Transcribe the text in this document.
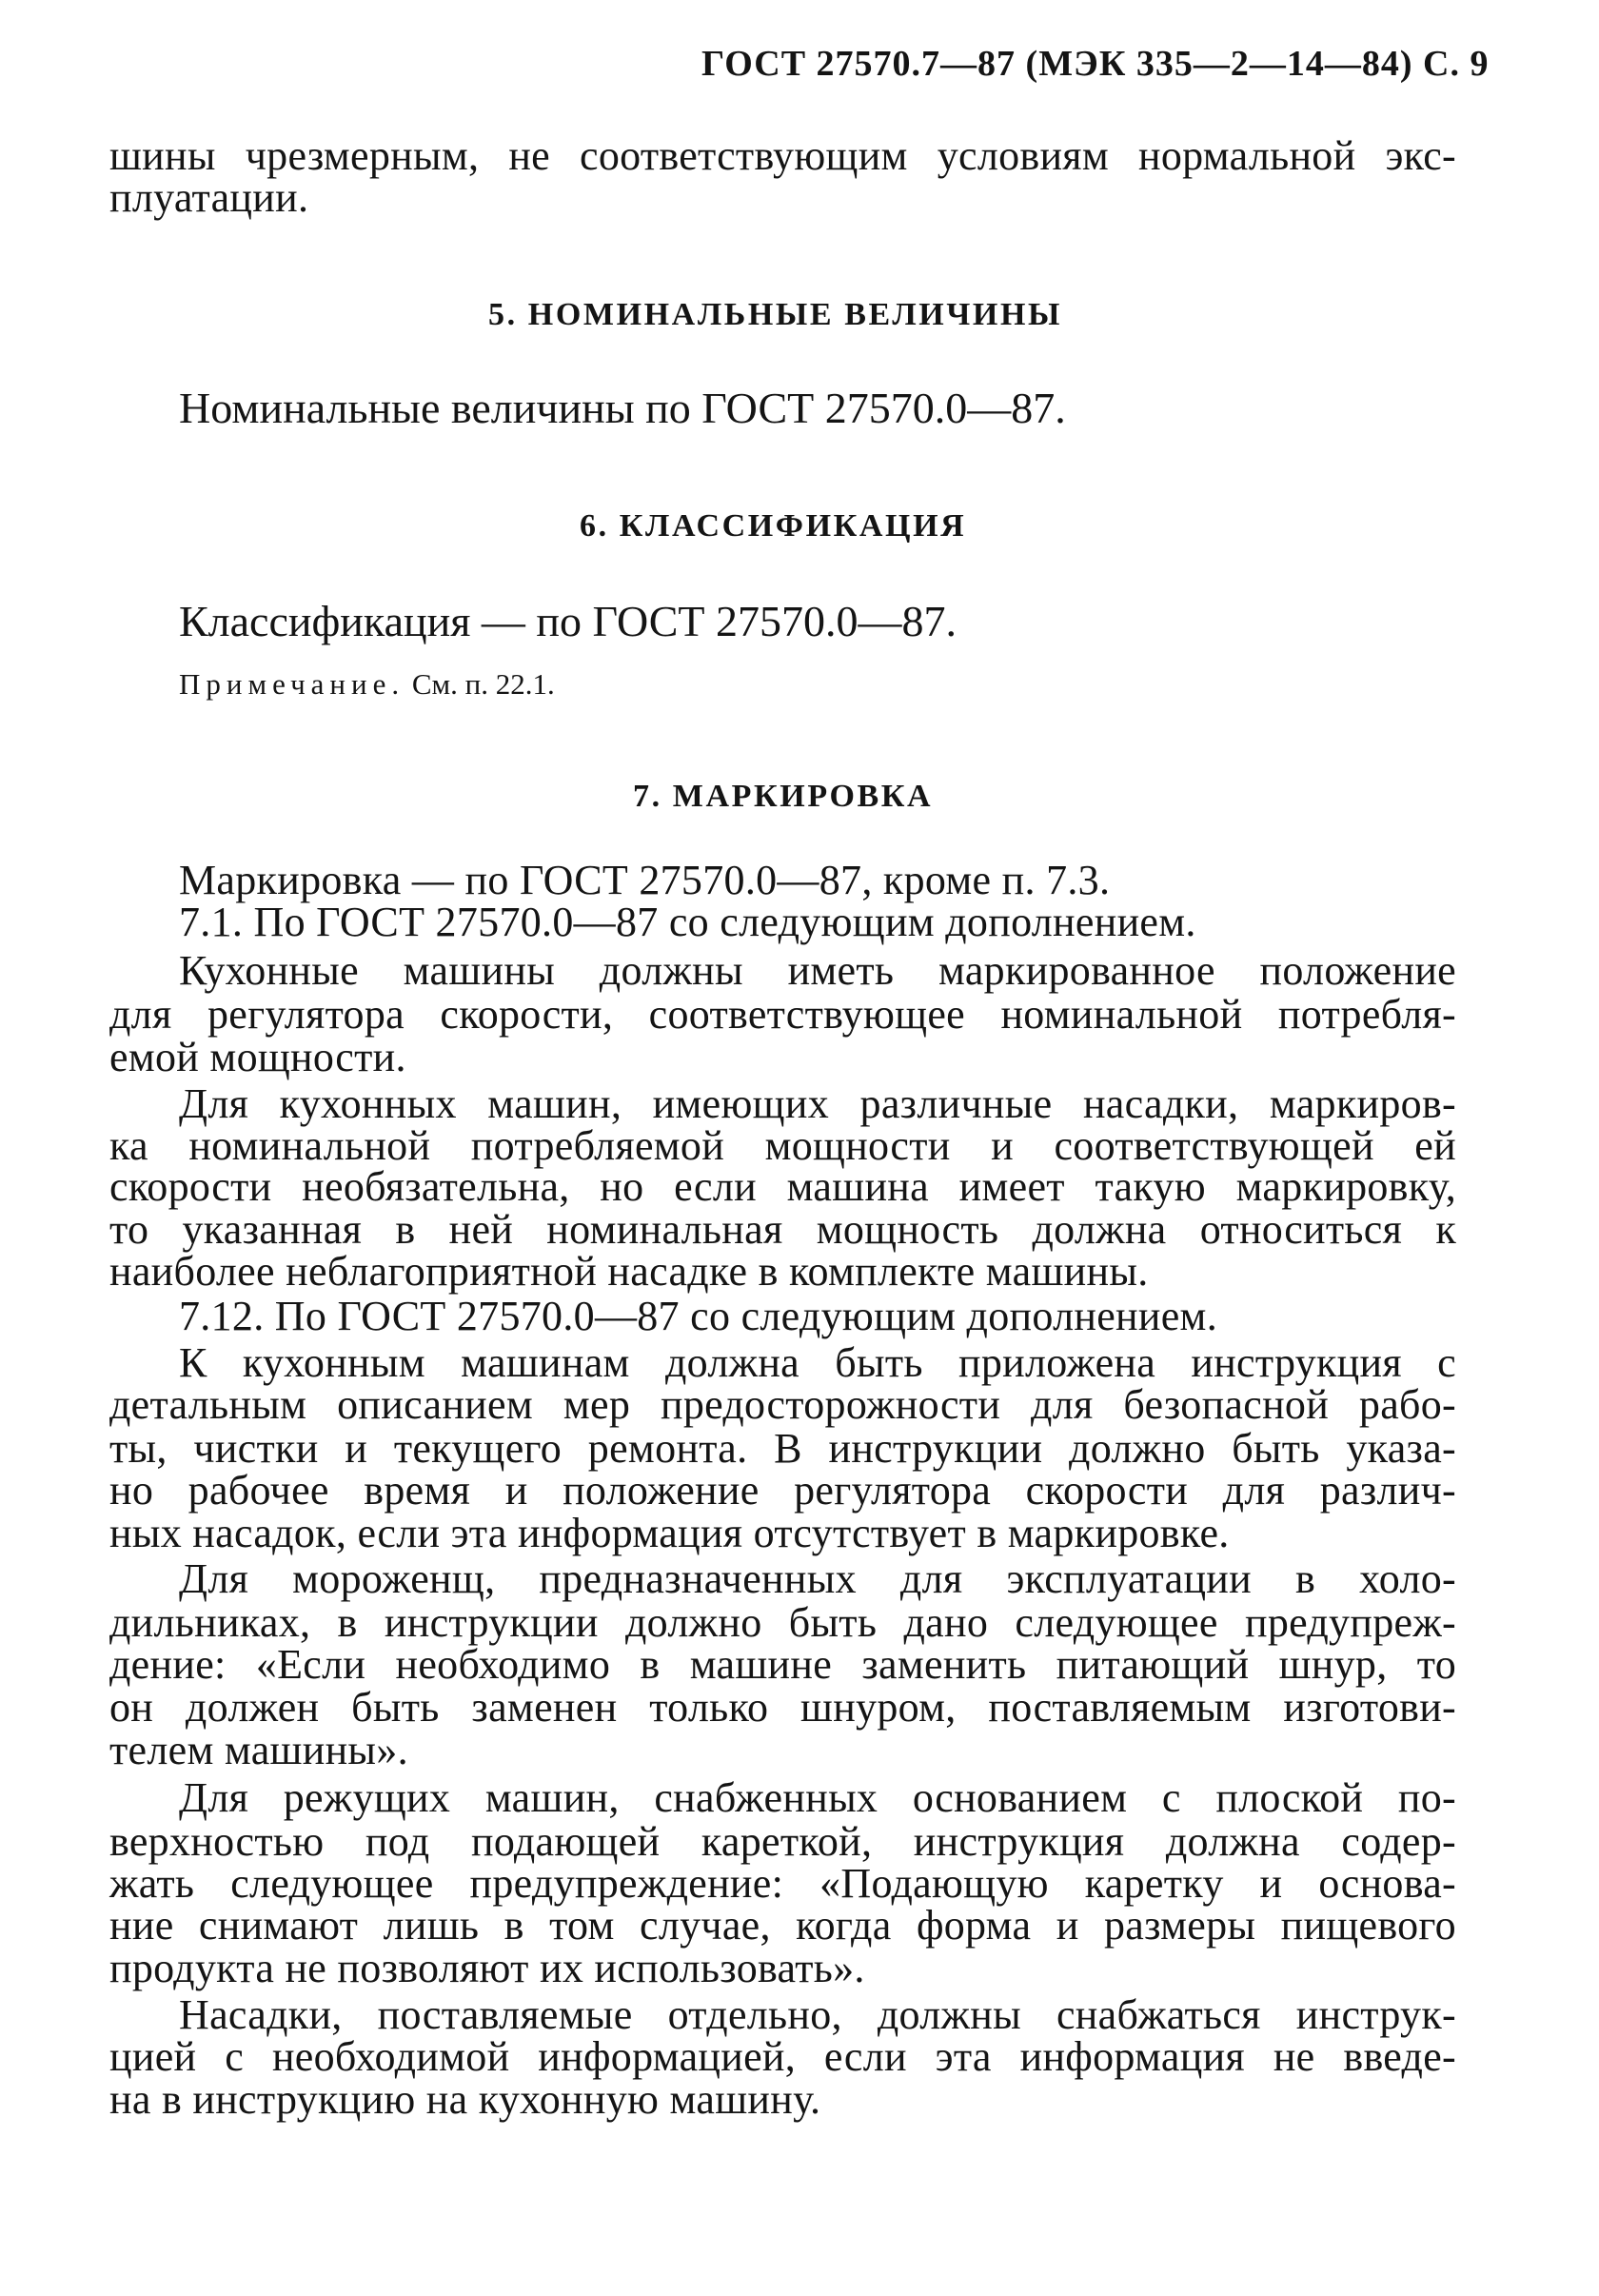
ГОСТ 27570.7—87 (МЭК 335—2—14—84) С. 9
шины чрезмерным, не соответствующим условиям нормальной экс-
плуатации.
5. НОМИНАЛЬНЫЕ ВЕЛИЧИНЫ
Номинальные величины по ГОСТ 27570.0—87.
6. КЛАССИФИКАЦИЯ
Классификация — по ГОСТ 27570.0—87.
Примечание. См. п. 22.1.
7. МАРКИРОВКА
Маркировка — по ГОСТ 27570.0—87, кроме п. 7.3.
7.1. По ГОСТ 27570.0—87 со следующим дополнением.
Кухонные машины должны иметь маркированное положение
для регулятора скорости, соответствующее номинальной потребля-
емой мощности.
Для кухонных машин, имеющих различные насадки, маркиров-
ка номинальной потребляемой мощности и соответствующей ей
скорости необязательна, но если машина имеет такую маркировку,
то указанная в ней номинальная мощность должна относиться к
наиболее неблагоприятной насадке в комплекте машины.
7.12. По ГОСТ 27570.0—87 со следующим дополнением.
К кухонным машинам должна быть приложена инструкция с
детальным описанием мер предосторожности для безопасной рабо-
ты, чистки и текущего ремонта. В инструкции должно быть указа-
но рабочее время и положение регулятора скорости для различ-
ных насадок, если эта информация отсутствует в маркировке.
Для мороженщ, предназначенных для эксплуатации в холо-
дильниках, в инструкции должно быть дано следующее предупреж-
дение: «Если необходимо в машине заменить питающий шнур, то
он должен быть заменен только шнуром, поставляемым изготови-
телем машины».
Для режущих машин, снабженных основанием с плоской по-
верхностью под подающей кареткой, инструкция должна содер-
жать следующее предупреждение: «Подающую каретку и основа-
ние снимают лишь в том случае, когда форма и размеры пищевого
продукта не позволяют их использовать».
Насадки, поставляемые отдельно, должны снабжаться инструк-
цией с необходимой информацией, если эта информация не введе-
на в инструкцию на кухонную машину.
